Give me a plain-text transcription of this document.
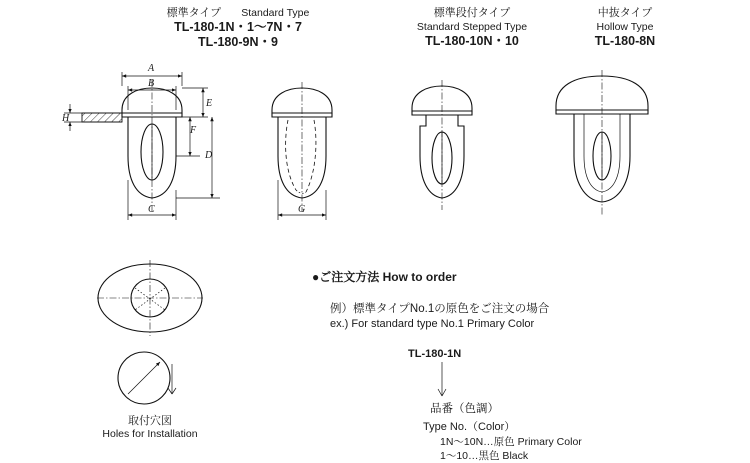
標準タイプ Standard Type
TL-180-1N・1〜7N・7
TL-180-9N・9
標準段付タイプ
Standard Stepped Type
TL-180-10N・10
中抜タイプ
Hollow Type
TL-180-8N
A
B
C
D
E
F
H
G
取付穴図
Holes for Installation
●ご注文方法 How to order
例）標準タイプNo.1の原色をご注文の場合
ex.) For standard type No.1 Primary Color
TL-180-1N
品番（色調）
Type No.（Color）
1N〜10N…原色 Primary Color
1〜10…黒色 Black
